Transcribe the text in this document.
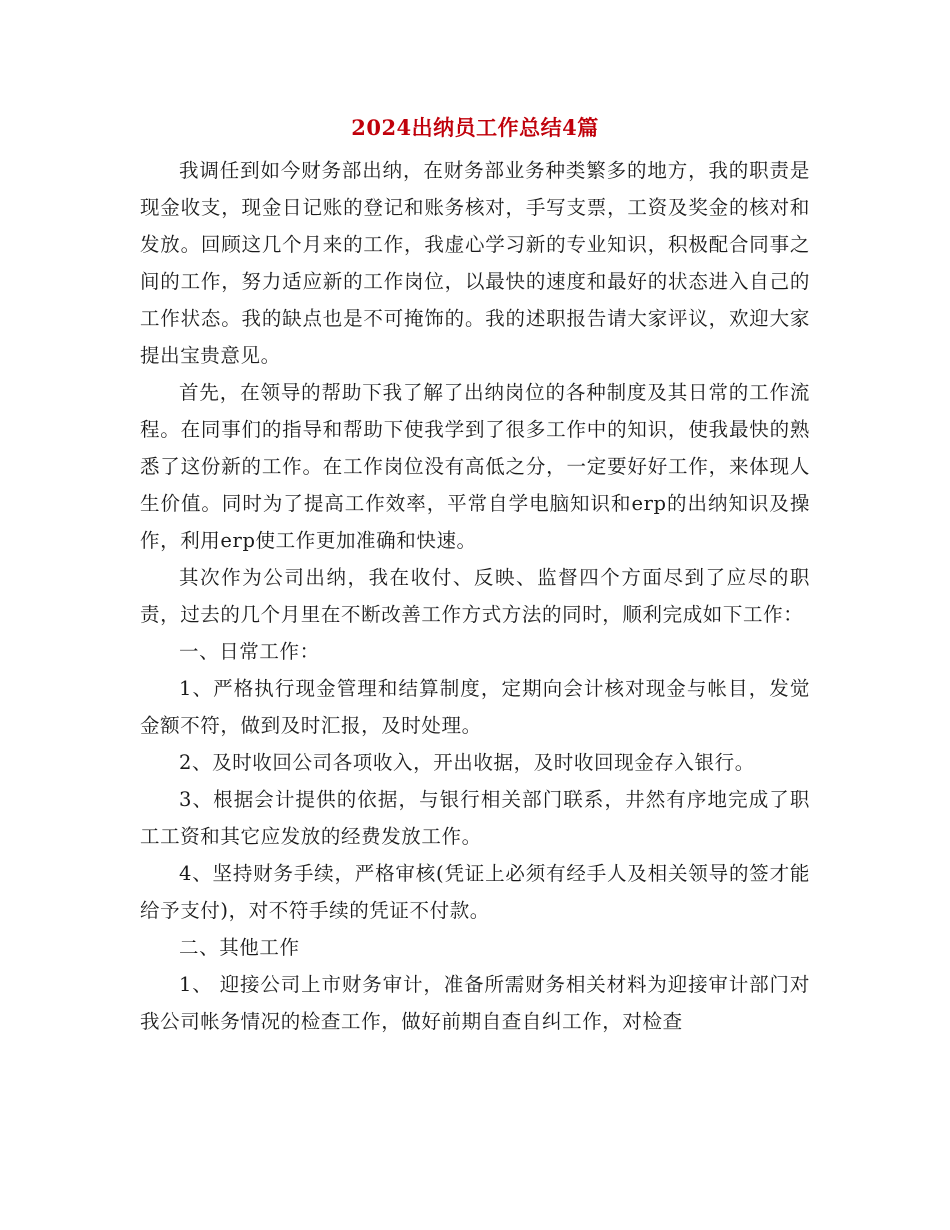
2024出纳员工作总结4篇

我调任到如今财务部出纳，在财务部业务种类繁多的地方，我的职责是现金收支，现金日记账的登记和账务核对，手写支票，工资及奖金的核对和发放。回顾这几个月来的工作，我虚心学习新的专业知识，积极配合同事之间的工作，努力适应新的工作岗位，以最快的速度和最好的状态进入自己的工作状态。我的缺点也是不可掩饰的。我的述职报告请大家评议，欢迎大家提出宝贵意见。

首先，在领导的帮助下我了解了出纳岗位的各种制度及其日常的工作流程。在同事们的指导和帮助下使我学到了很多工作中的知识，使我最快的熟悉了这份新的工作。在工作岗位没有高低之分，一定要好好工作，来体现人生价值。同时为了提高工作效率，平常自学电脑知识和erp的出纳知识及操作，利用erp使工作更加准确和快速。

其次作为公司出纳，我在收付、反映、监督四个方面尽到了应尽的职责，过去的几个月里在不断改善工作方式方法的同时，顺利完成如下工作：

一、日常工作：

1、严格执行现金管理和结算制度，定期向会计核对现金与帐目，发觉金额不符，做到及时汇报，及时处理。

2、及时收回公司各项收入，开出收据，及时收回现金存入银行。

3、根据会计提供的依据，与银行相关部门联系，井然有序地完成了职工工资和其它应发放的经费发放工作。

4、坚持财务手续，严格审核(凭证上必须有经手人及相关领导的签才能给予支付)，对不符手续的凭证不付款。

二、其他工作

1、 迎接公司上市财务审计，准备所需财务相关材料为迎接审计部门对我公司帐务情况的检查工作，做好前期自查自纠工作，对检查
